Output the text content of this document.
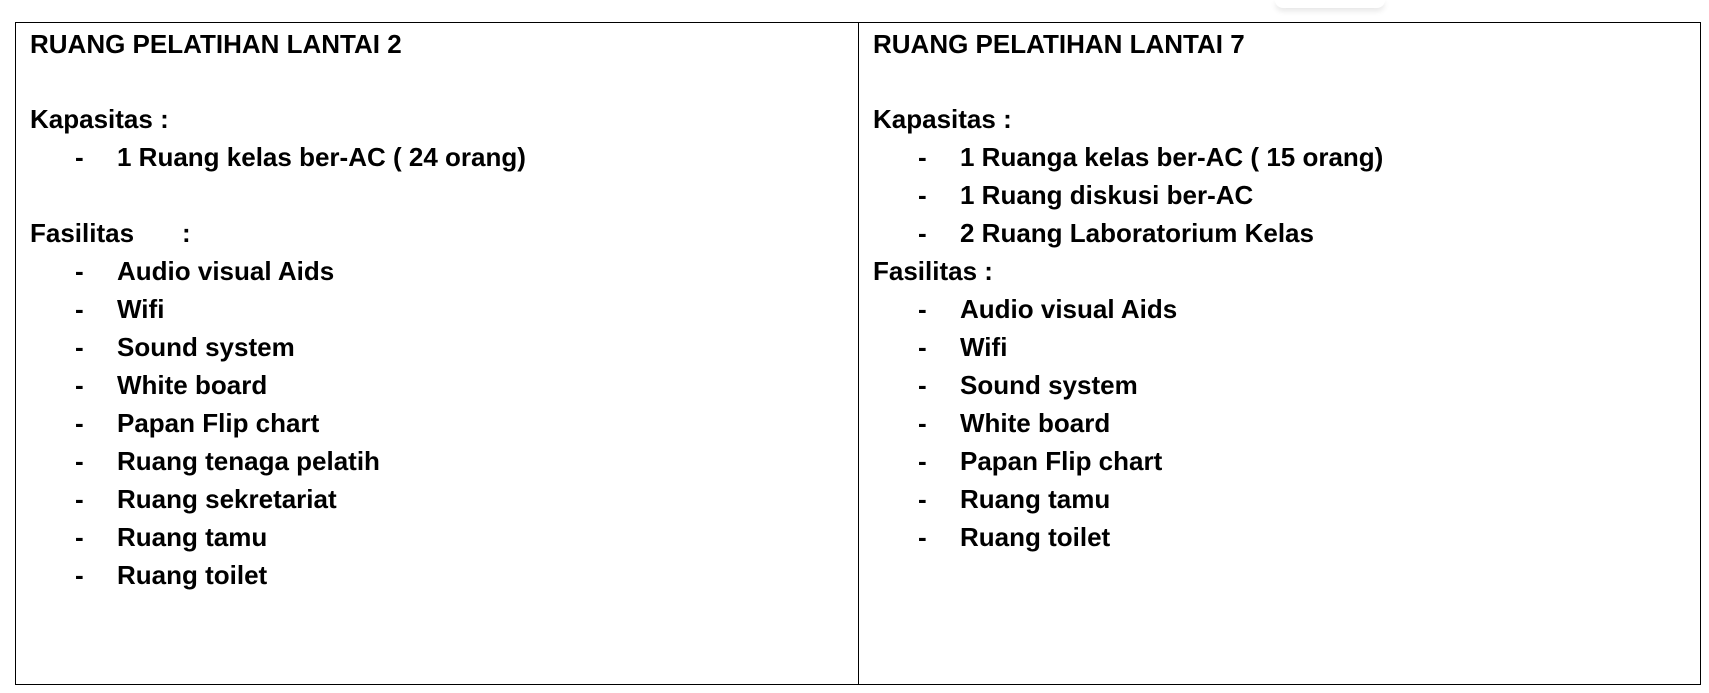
RUANG PELATIHAN LANTAI 2
Kapasitas :
- 1 Ruang kelas ber-AC ( 24 orang)
Fasilitas :
- Audio visual Aids
- Wifi
- Sound system
- White board
- Papan Flip chart
- Ruang tenaga pelatih
- Ruang sekretariat
- Ruang tamu
- Ruang toilet
RUANG PELATIHAN LANTAI 7
Kapasitas :
- 1 Ruanga kelas ber-AC ( 15 orang)
- 1 Ruang diskusi ber-AC
- 2 Ruang Laboratorium Kelas
Fasilitas :
- Audio visual Aids
- Wifi
- Sound system
- White board
- Papan Flip chart
- Ruang tamu
- Ruang toilet
